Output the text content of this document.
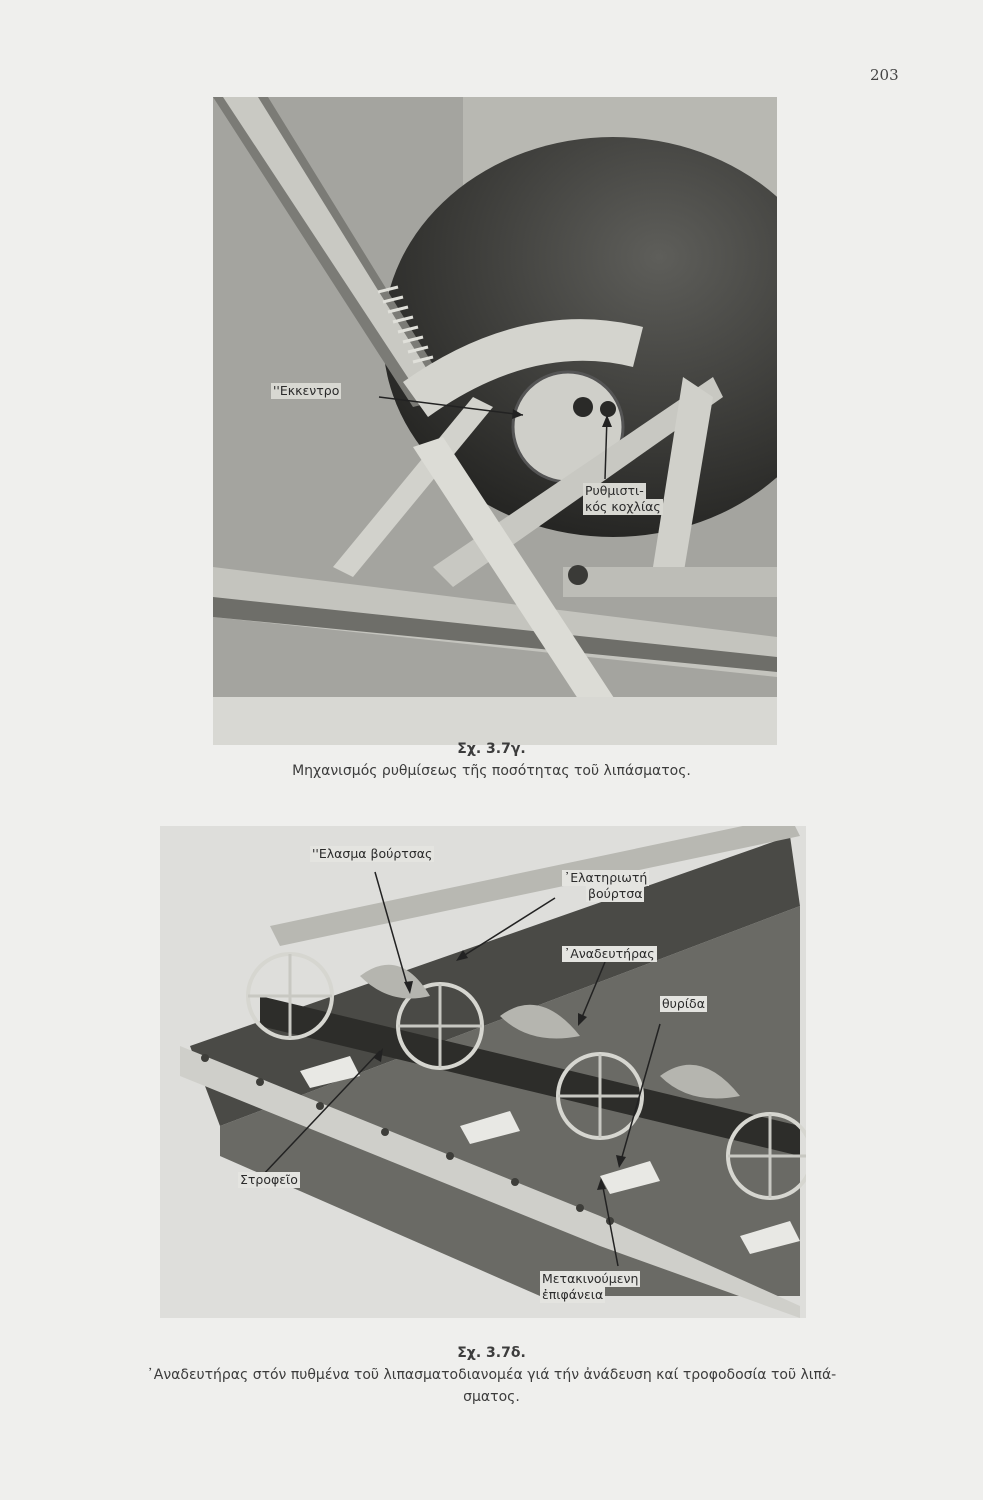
203
''Εκκεντρο
Ρυθμιστι-
κός κοχλίας
Σχ. 3.7γ.
Μηχανισμός ρυθμίσεως τῆς ποσότητας τοῦ λιπάσματος.
''Ελασμα βούρτσας
᾿Ελατηριωτή
βούρτσα
᾿Αναδευτήρας
θυρίδα
Στροφεῖο
Μετακινούμενη
ἐπιφάνεια
Σχ. 3.7δ.
᾿Αναδευτήρας στόν πυθμένα τοῦ λιπασματοδιανομέα γιά τήν ἀνάδευση καί τροφοδοσία τοῦ λιπά-
σματος.
